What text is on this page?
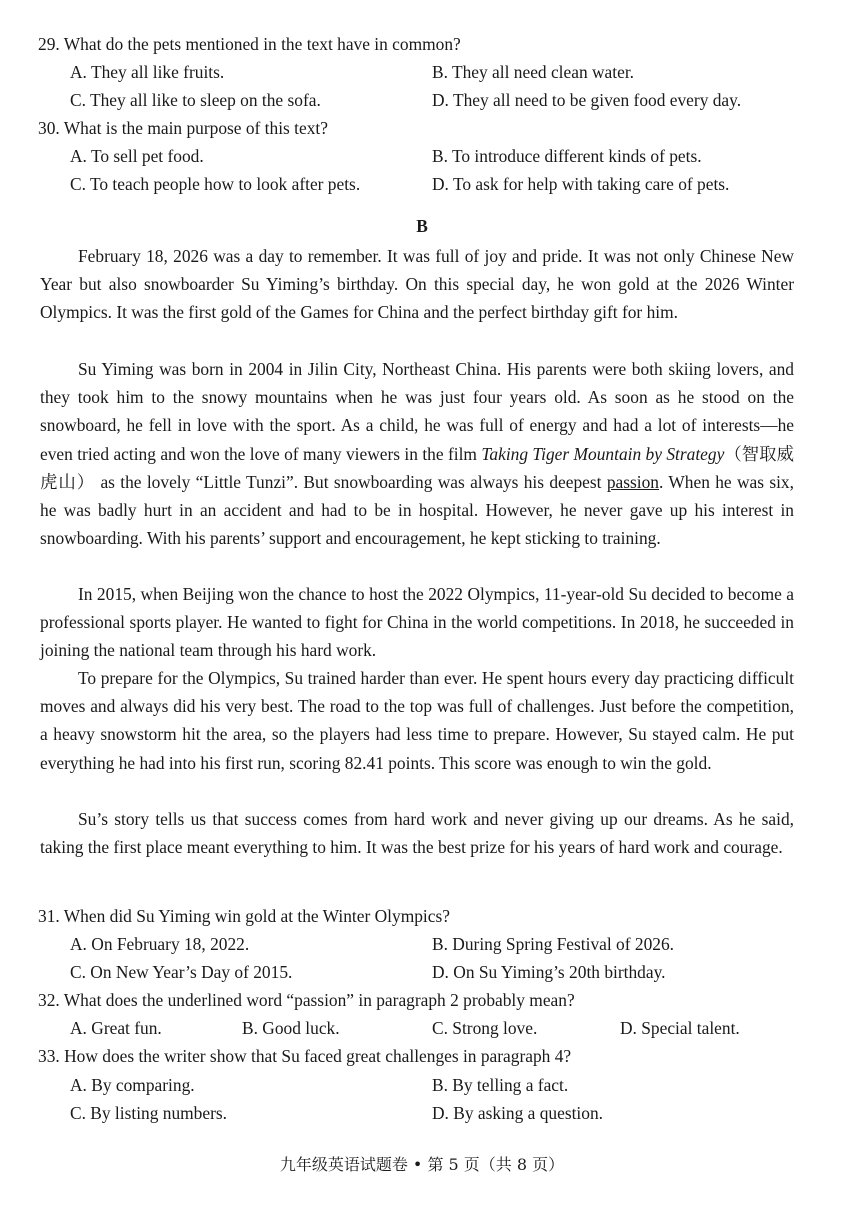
29. What do the pets mentioned in the text have in common?
A. They all like fruits.	B. They all need clean water.
C. They all like to sleep on the sofa.	D. They all need to be given food every day.
30. What is the main purpose of this text?
A. To sell pet food.	B. To introduce different kinds of pets.
C. To teach people how to look after pets.	D. To ask for help with taking care of pets.
B
February 18, 2026 was a day to remember. It was full of joy and pride. It was not only Chinese New Year but also snowboarder Su Yiming’s birthday. On this special day, he won gold at the 2026 Winter Olympics. It was the first gold of the Games for China and the perfect birthday gift for him.
Su Yiming was born in 2004 in Jilin City, Northeast China. His parents were both skiing lovers, and they took him to the snowy mountains when he was just four years old. As soon as he stood on the snowboard, he fell in love with the sport. As a child, he was full of energy and had a lot of interests—he even tried acting and won the love of many viewers in the film Taking Tiger Mountain by Strategy（智取威虎山） as the lovely “Little Tunzi”. But snowboarding was always his deepest passion. When he was six, he was badly hurt in an accident and had to be in hospital. However, he never gave up his interest in snowboarding. With his parents’ support and encouragement, he kept sticking to training.
In 2015, when Beijing won the chance to host the 2022 Olympics, 11-year-old Su decided to become a professional sports player. He wanted to fight for China in the world competitions. In 2018, he succeeded in joining the national team through his hard work.
To prepare for the Olympics, Su trained harder than ever. He spent hours every day practicing difficult moves and always did his very best. The road to the top was full of challenges. Just before the competition, a heavy snowstorm hit the area, so the players had less time to prepare. However, Su stayed calm. He put everything he had into his first run, scoring 82.41 points. This score was enough to win the gold.
Su’s story tells us that success comes from hard work and never giving up our dreams. As he said, taking the first place meant everything to him. It was the best prize for his years of hard work and courage.
31. When did Su Yiming win gold at the Winter Olympics?
A. On February 18, 2022.	B. During Spring Festival of 2026.
C. On New Year’s Day of 2015.	D. On Su Yiming’s 20th birthday.
32. What does the underlined word “passion” in paragraph 2 probably mean?
A. Great fun.	B. Good luck.	C. Strong love.	D. Special talent.
33. How does the writer show that Su faced great challenges in paragraph 4?
A. By comparing.	B. By telling a fact.
C. By listing numbers.	D. By asking a question.
九年级英语试题卷 • 第 5 页（共 8 页）
